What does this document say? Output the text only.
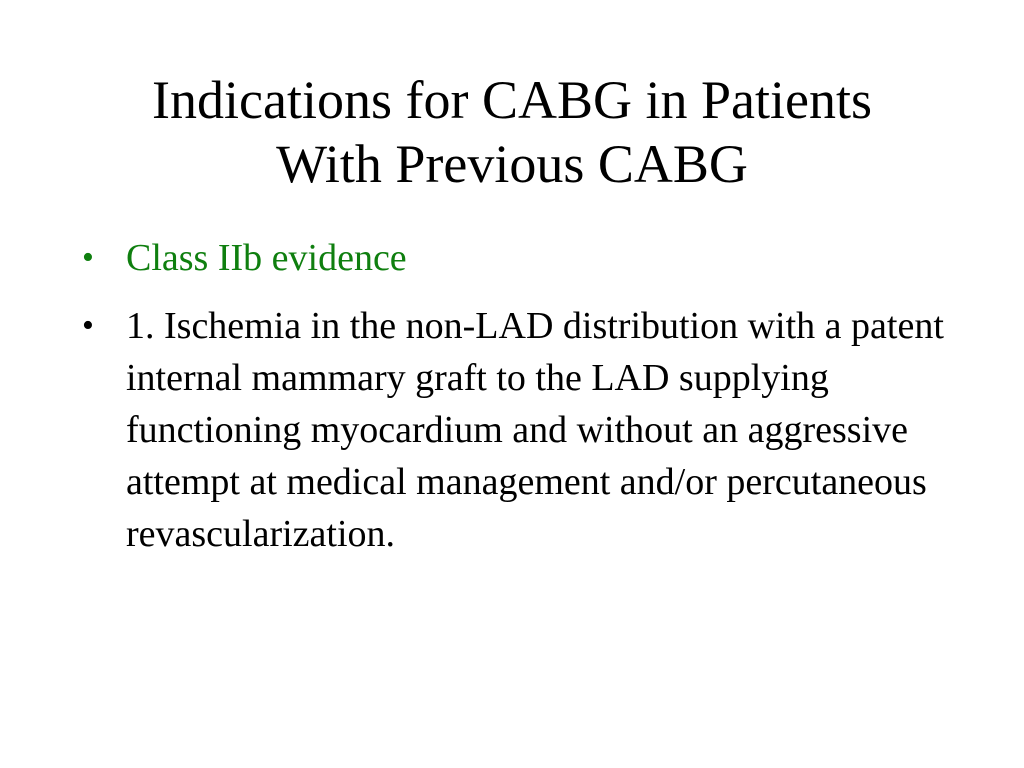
Indications for CABG in Patients
With Previous CABG
• Class IIb evidence
• 1. Ischemia in the non-LAD distribution with a patent internal mammary graft to the LAD supplying functioning myocardium and without an aggressive attempt at medical management and/or percutaneous revascularization.
